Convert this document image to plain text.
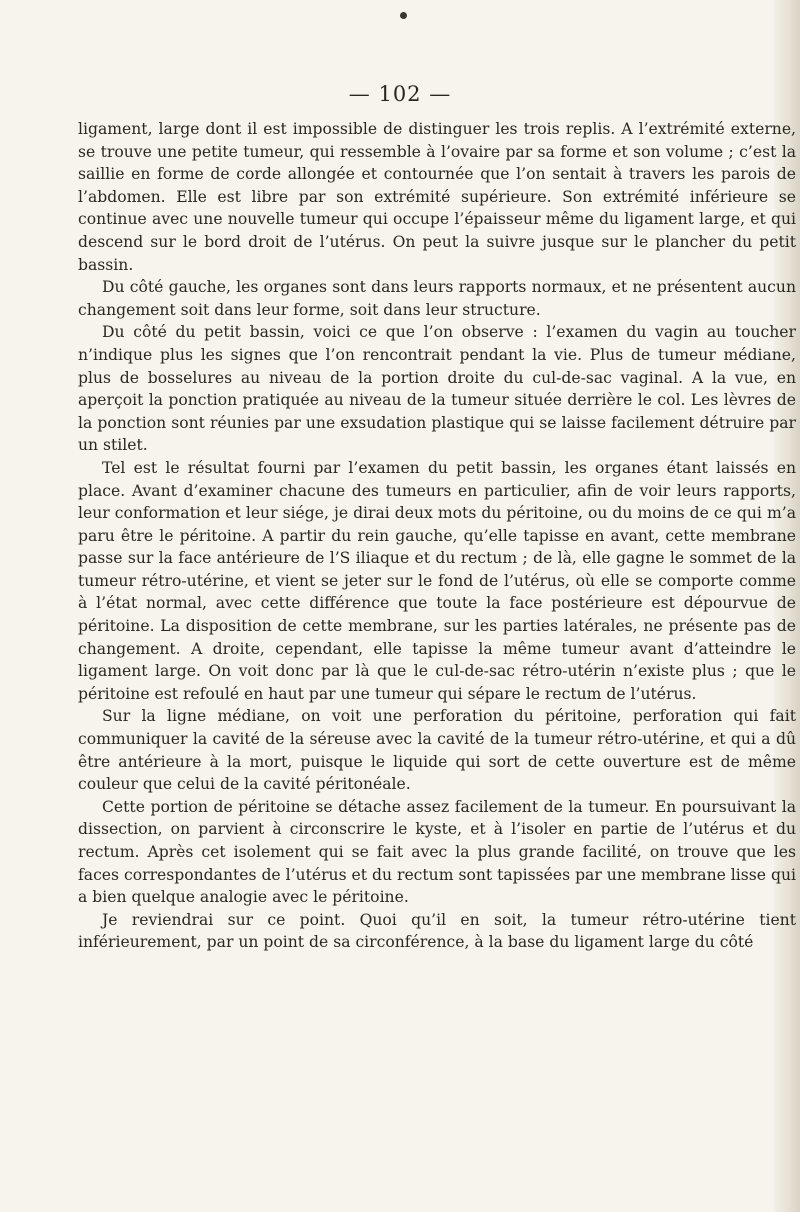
— 102 —

ligament, large dont il est impossible de distinguer les trois replis. A l’extrémité externe, se trouve une petite tumeur, qui ressemble à l’ovaire par sa forme et son volume ; c’est la saillie en forme de corde allongée et contournée que l’on sentait à travers les parois de l’abdomen. Elle est libre par son extrémité supérieure. Son extrémité inférieure se continue avec une nouvelle tumeur qui occupe l’épaisseur même du ligament large, et qui descend sur le bord droit de l’utérus. On peut la suivre jusque sur le plancher du petit bassin.

Du côté gauche, les organes sont dans leurs rapports normaux, et ne présentent aucun changement soit dans leur forme, soit dans leur structure.

Du côté du petit bassin, voici ce que l’on observe : l’examen du vagin au toucher n’indique plus les signes que l’on rencontrait pendant la vie. Plus de tumeur médiane, plus de bosselures au niveau de la portion droite du cul-de-sac vaginal. A la vue, en aperçoit la ponction pratiquée au niveau de la tumeur située derrière le col. Les lèvres de la ponction sont réunies par une exsudation plastique qui se laisse facilement détruire par un stilet.

Tel est le résultat fourni par l’examen du petit bassin, les organes étant laissés en place. Avant d’examiner chacune des tumeurs en particulier, afin de voir leurs rapports, leur conformation et leur siége, je dirai deux mots du péritoine, ou du moins de ce qui m’a paru être le péritoine. A partir du rein gauche, qu’elle tapisse en avant, cette membrane passe sur la face antérieure de l’S iliaque et du rectum ; de là, elle gagne le sommet de la tumeur rétro-utérine, et vient se jeter sur le fond de l’utérus, où elle se comporte comme à l’état normal, avec cette différence que toute la face postérieure est dépourvue de péritoine. La disposition de cette membrane, sur les parties latérales, ne présente pas de changement. A droite, cependant, elle tapisse la même tumeur avant d’atteindre le ligament large. On voit donc par là que le cul-de-sac rétro-utérin n’existe plus ; que le péritoine est refoulé en haut par une tumeur qui sépare le rectum de l’utérus.

Sur la ligne médiane, on voit une perforation du péritoine, perforation qui fait communiquer la cavité de la séreuse avec la cavité de la tumeur rétro-utérine, et qui a dû être antérieure à la mort, puisque le liquide qui sort de cette ouverture est de même couleur que celui de la cavité péritonéale.

Cette portion de péritoine se détache assez facilement de la tumeur. En poursuivant la dissection, on parvient à circonscrire le kyste, et à l’isoler en partie de l’utérus et du rectum. Après cet isolement qui se fait avec la plus grande facilité, on trouve que les faces correspondantes de l’utérus et du rectum sont tapissées par une membrane lisse qui a bien quelque analogie avec le péritoine.

Je reviendrai sur ce point. Quoi qu’il en soit, la tumeur rétro-utérine tient inférieurement, par un point de sa circonférence, à la base du ligament large du côté
